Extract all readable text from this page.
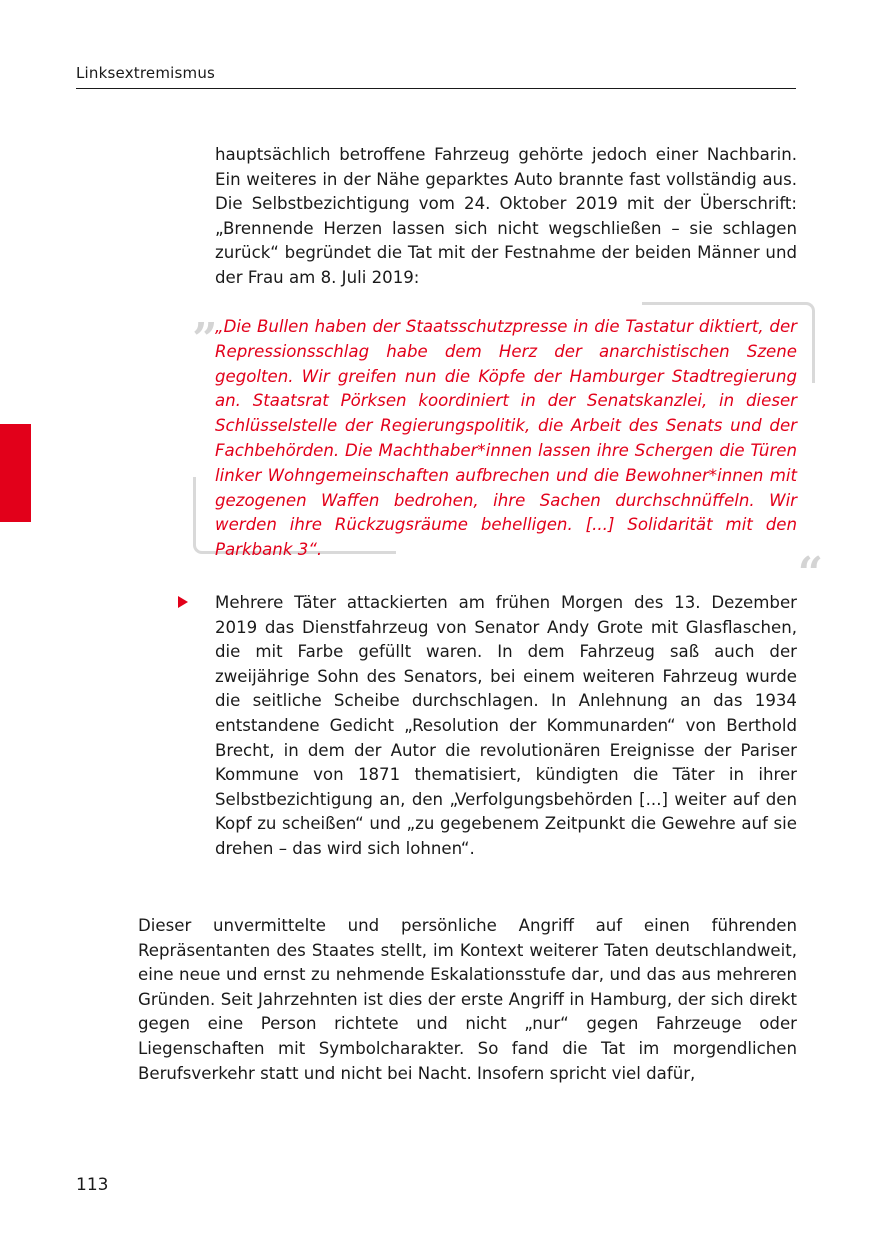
Linksextremismus

hauptsächlich betroffene Fahrzeug gehörte jedoch einer Nachbarin. Ein weiteres in der Nähe geparktes Auto brannte fast vollständig aus. Die Selbstbezichtigung vom 24. Oktober 2019 mit der Überschrift: „Brennende Herzen lassen sich nicht wegschließen – sie schlagen zurück“ begründet die Tat mit der Festnahme der beiden Männer und der Frau am 8. Juli 2019:

„
“

„Die Bullen haben der Staatsschutzpresse in die Tastatur diktiert, der Repressionsschlag habe dem Herz der anarchistischen Szene gegolten. Wir greifen nun die Köpfe der Hamburger Stadtregierung an. Staatsrat Pörksen koordiniert in der Senatskanzlei, in dieser Schlüsselstelle der Regierungspolitik, die Arbeit des Senats und der Fachbehörden. Die Machthaber*innen lassen ihre Schergen die Türen linker Wohngemeinschaften aufbrechen und die Bewohner*innen mit gezogenen Waffen bedrohen, ihre Sachen durchschnüffeln. Wir werden ihre Rückzugsräume behelligen. [...] Solidarität mit den Parkbank 3“.

Mehrere Täter attackierten am frühen Morgen des 13. Dezember 2019 das Dienstfahrzeug von Senator Andy Grote mit Glasflaschen, die mit Farbe gefüllt waren. In dem Fahrzeug saß auch der zweijährige Sohn des Senators, bei einem weiteren Fahrzeug wurde die seitliche Scheibe durchschlagen. In Anlehnung an das 1934 entstandene Gedicht „Resolution der Kommunarden“ von Berthold Brecht, in dem der Autor die revolutionären Ereignisse der Pariser Kommune von 1871 thematisiert, kündigten die Täter in ihrer Selbstbezichtigung an, den „Verfolgungsbehörden [...] weiter auf den Kopf zu scheißen“ und „zu gegebenem Zeitpunkt die Gewehre auf sie drehen – das wird sich lohnen“.

Dieser unvermittelte und persönliche Angriff auf einen führenden Repräsentanten des Staates stellt, im Kontext weiterer Taten deutschlandweit, eine neue und ernst zu nehmende Eskalationsstufe dar, und das aus mehreren Gründen. Seit Jahrzehnten ist dies der erste Angriff in Hamburg, der sich direkt gegen eine Person richtete und nicht „nur“ gegen Fahrzeuge oder Liegenschaften mit Symbolcharakter. So fand die Tat im morgendlichen Berufsverkehr statt und nicht bei Nacht. Insofern spricht viel dafür,

113
